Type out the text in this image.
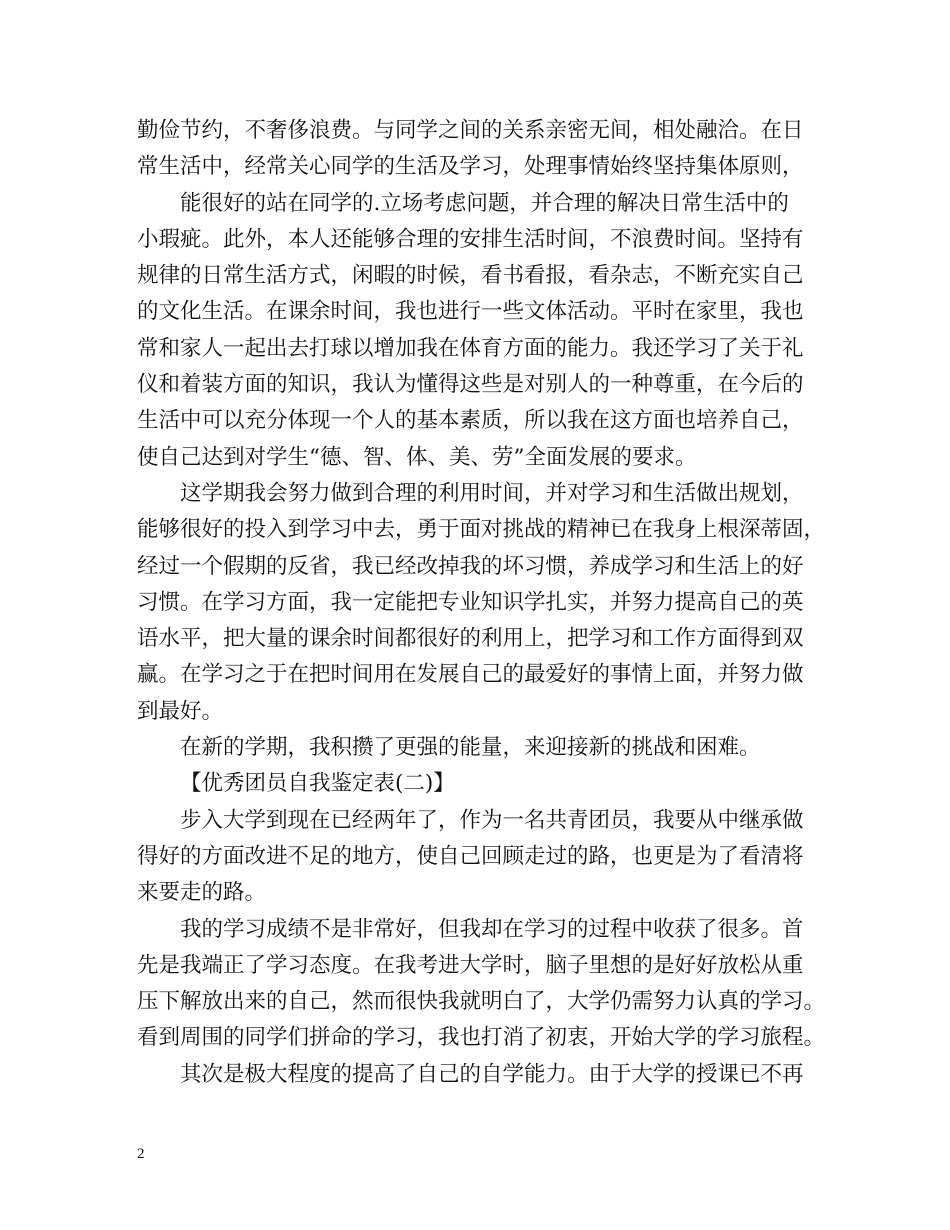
勤俭节约，不奢侈浪费。与同学之间的关系亲密无间，相处融洽。在日
常生活中，经常关心同学的生活及学习，处理事情始终坚持集体原则，
能很好的站在同学的.立场考虑问题，并合理的解决日常生活中的
小瑕疵。此外，本人还能够合理的安排生活时间，不浪费时间。坚持有
规律的日常生活方式，闲暇的时候，看书看报，看杂志，不断充实自己
的文化生活。在课余时间，我也进行一些文体活动。平时在家里，我也
常和家人一起出去打球以增加我在体育方面的能力。我还学习了关于礼
仪和着装方面的知识，我认为懂得这些是对别人的一种尊重，在今后的
生活中可以充分体现一个人的基本素质，所以我在这方面也培养自己，
使自己达到对学生“德、智、体、美、劳”全面发展的要求。
这学期我会努力做到合理的利用时间，并对学习和生活做出规划，
能够很好的投入到学习中去，勇于面对挑战的精神已在我身上根深蒂固，
经过一个假期的反省，我已经改掉我的坏习惯，养成学习和生活上的好
习惯。在学习方面，我一定能把专业知识学扎实，并努力提高自己的英
语水平，把大量的课余时间都很好的利用上，把学习和工作方面得到双
赢。在学习之于在把时间用在发展自己的最爱好的事情上面，并努力做
到最好。
在新的学期，我积攒了更强的能量，来迎接新的挑战和困难。
【优秀团员自我鉴定表(二)】
步入大学到现在已经两年了，作为一名共青团员，我要从中继承做
得好的方面改进不足的地方，使自己回顾走过的路，也更是为了看清将
来要走的路。
我的学习成绩不是非常好，但我却在学习的过程中收获了很多。首
先是我端正了学习态度。在我考进大学时，脑子里想的是好好放松从重
压下解放出来的自己，然而很快我就明白了，大学仍需努力认真的学习。
看到周围的同学们拼命的学习，我也打消了初衷，开始大学的学习旅程。
其次是极大程度的提高了自己的自学能力。由于大学的授课已不再
2
